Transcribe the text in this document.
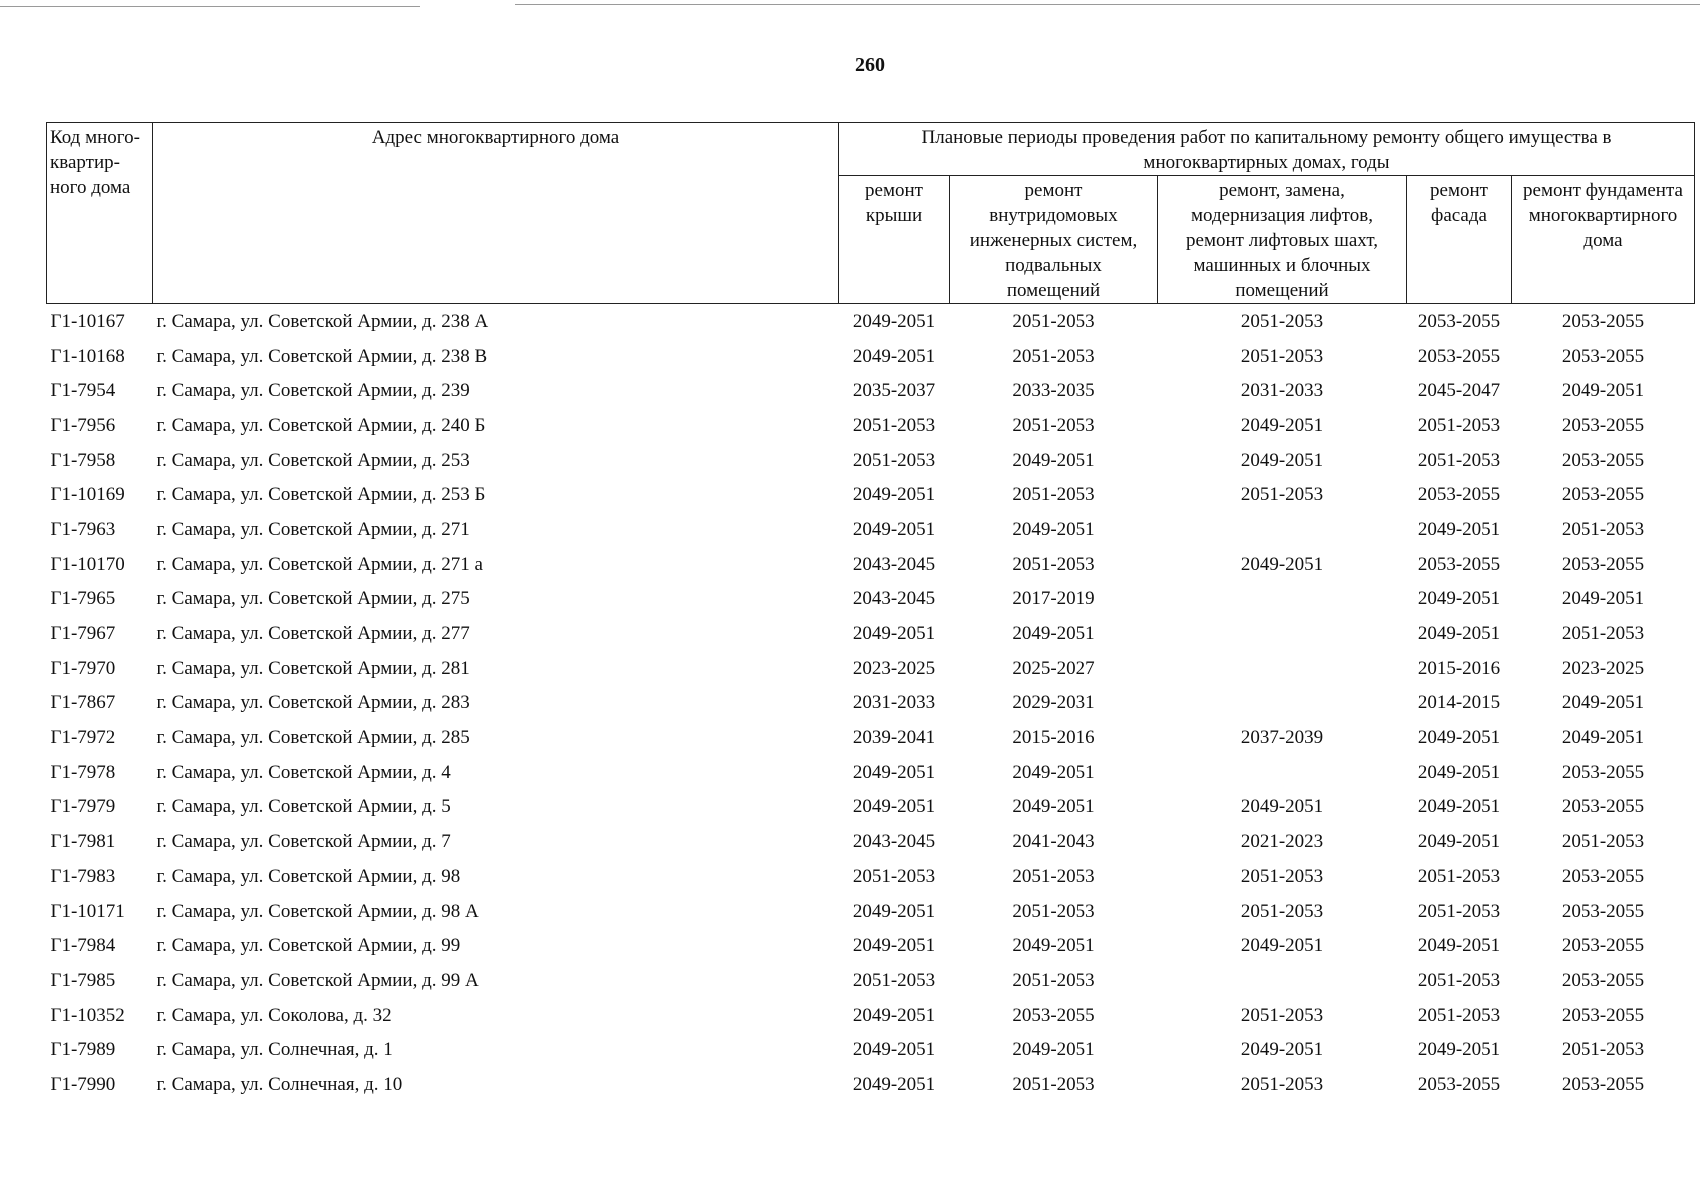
260
Код много-квартир-ного дома	Адрес многоквартирного дома	Плановые периоды проведения работ по капитальному ремонту общего имущества в многоквартирных домах, годы				
		ремонт крыши	ремонт внутридомовых инженерных систем, подвальных помещений	ремонт, замена, модернизация лифтов, ремонт лифтовых шахт, машинных и блочных помещений	ремонт фасада	ремонт фундамента многоквартирного дома
Г1-10167	г. Самара, ул. Советской Армии, д. 238 А	2049-2051	2051-2053	2051-2053	2053-2055	2053-2055
Г1-10168	г. Самара, ул. Советской Армии, д. 238 В	2049-2051	2051-2053	2051-2053	2053-2055	2053-2055
Г1-7954	г. Самара, ул. Советской Армии, д. 239	2035-2037	2033-2035	2031-2033	2045-2047	2049-2051
Г1-7956	г. Самара, ул. Советской Армии, д. 240 Б	2051-2053	2051-2053	2049-2051	2051-2053	2053-2055
Г1-7958	г. Самара, ул. Советской Армии, д. 253	2051-2053	2049-2051	2049-2051	2051-2053	2053-2055
Г1-10169	г. Самара, ул. Советской Армии, д. 253 Б	2049-2051	2051-2053	2051-2053	2053-2055	2053-2055
Г1-7963	г. Самара, ул. Советской Армии, д. 271	2049-2051	2049-2051		2049-2051	2051-2053
Г1-10170	г. Самара, ул. Советской Армии, д. 271 а	2043-2045	2051-2053	2049-2051	2053-2055	2053-2055
Г1-7965	г. Самара, ул. Советской Армии, д. 275	2043-2045	2017-2019		2049-2051	2049-2051
Г1-7967	г. Самара, ул. Советской Армии, д. 277	2049-2051	2049-2051		2049-2051	2051-2053
Г1-7970	г. Самара, ул. Советской Армии, д. 281	2023-2025	2025-2027		2015-2016	2023-2025
Г1-7867	г. Самара, ул. Советской Армии, д. 283	2031-2033	2029-2031		2014-2015	2049-2051
Г1-7972	г. Самара, ул. Советской Армии, д. 285	2039-2041	2015-2016	2037-2039	2049-2051	2049-2051
Г1-7978	г. Самара, ул. Советской Армии, д. 4	2049-2051	2049-2051		2049-2051	2053-2055
Г1-7979	г. Самара, ул. Советской Армии, д. 5	2049-2051	2049-2051	2049-2051	2049-2051	2053-2055
Г1-7981	г. Самара, ул. Советской Армии, д. 7	2043-2045	2041-2043	2021-2023	2049-2051	2051-2053
Г1-7983	г. Самара, ул. Советской Армии, д. 98	2051-2053	2051-2053	2051-2053	2051-2053	2053-2055
Г1-10171	г. Самара, ул. Советской Армии, д. 98 А	2049-2051	2051-2053	2051-2053	2051-2053	2053-2055
Г1-7984	г. Самара, ул. Советской Армии, д. 99	2049-2051	2049-2051	2049-2051	2049-2051	2053-2055
Г1-7985	г. Самара, ул. Советской Армии, д. 99 А	2051-2053	2051-2053		2051-2053	2053-2055
Г1-10352	г. Самара, ул. Соколова, д. 32	2049-2051	2053-2055	2051-2053	2051-2053	2053-2055
Г1-7989	г. Самара, ул. Солнечная, д. 1	2049-2051	2049-2051	2049-2051	2049-2051	2051-2053
Г1-7990	г. Самара, ул. Солнечная, д. 10	2049-2051	2051-2053	2051-2053	2053-2055	2053-2055
